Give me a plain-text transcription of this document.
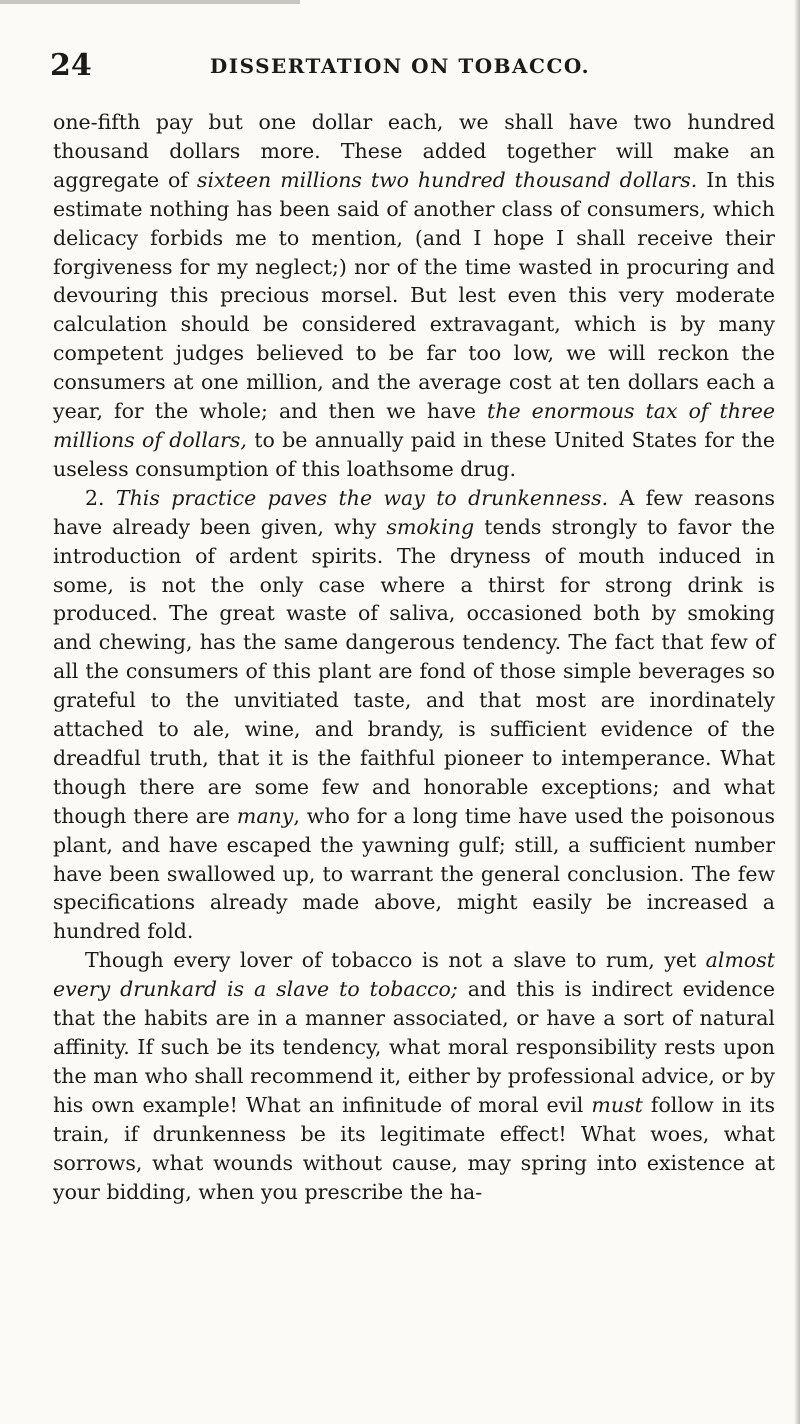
24	DISSERTATION ON TOBACCO.

one-fifth pay but one dollar each, we shall have two hundred thousand dollars more. These added together will make an aggregate of sixteen millions two hundred thousand dollars. In this estimate nothing has been said of another class of consumers, which delicacy forbids me to mention, (and I hope I shall receive their forgiveness for my neglect;) nor of the time wasted in procuring and devouring this precious morsel. But lest even this very moderate calculation should be considered extravagant, which is by many competent judges believed to be far too low, we will reckon the consumers at one million, and the average cost at ten dollars each a year, for the whole; and then we have the enormous tax of three millions of dollars, to be annually paid in these United States for the useless consumption of this loathsome drug.

2. This practice paves the way to drunkenness. A few reasons have already been given, why smoking tends strongly to favor the introduction of ardent spirits. The dryness of mouth induced in some, is not the only case where a thirst for strong drink is produced. The great waste of saliva, occasioned both by smoking and chewing, has the same dangerous tendency. The fact that few of all the consumers of this plant are fond of those simple beverages so grateful to the unvitiated taste, and that most are inordinately attached to ale, wine, and brandy, is sufficient evidence of the dreadful truth, that it is the faithful pioneer to intemperance. What though there are some few and honorable exceptions; and what though there are many, who for a long time have used the poisonous plant, and have escaped the yawning gulf; still, a sufficient number have been swallowed up, to warrant the general conclusion. The few specifications already made above, might easily be increased a hundred fold.

Though every lover of tobacco is not a slave to rum, yet almost every drunkard is a slave to tobacco; and this is indirect evidence that the habits are in a manner associated, or have a sort of natural affinity. If such be its tendency, what moral responsibility rests upon the man who shall recommend it, either by professional advice, or by his own example! What an infinitude of moral evil must follow in its train, if drunkenness be its legitimate effect! What woes, what sorrows, what wounds without cause, may spring into existence at your bidding, when you prescribe the ha-
